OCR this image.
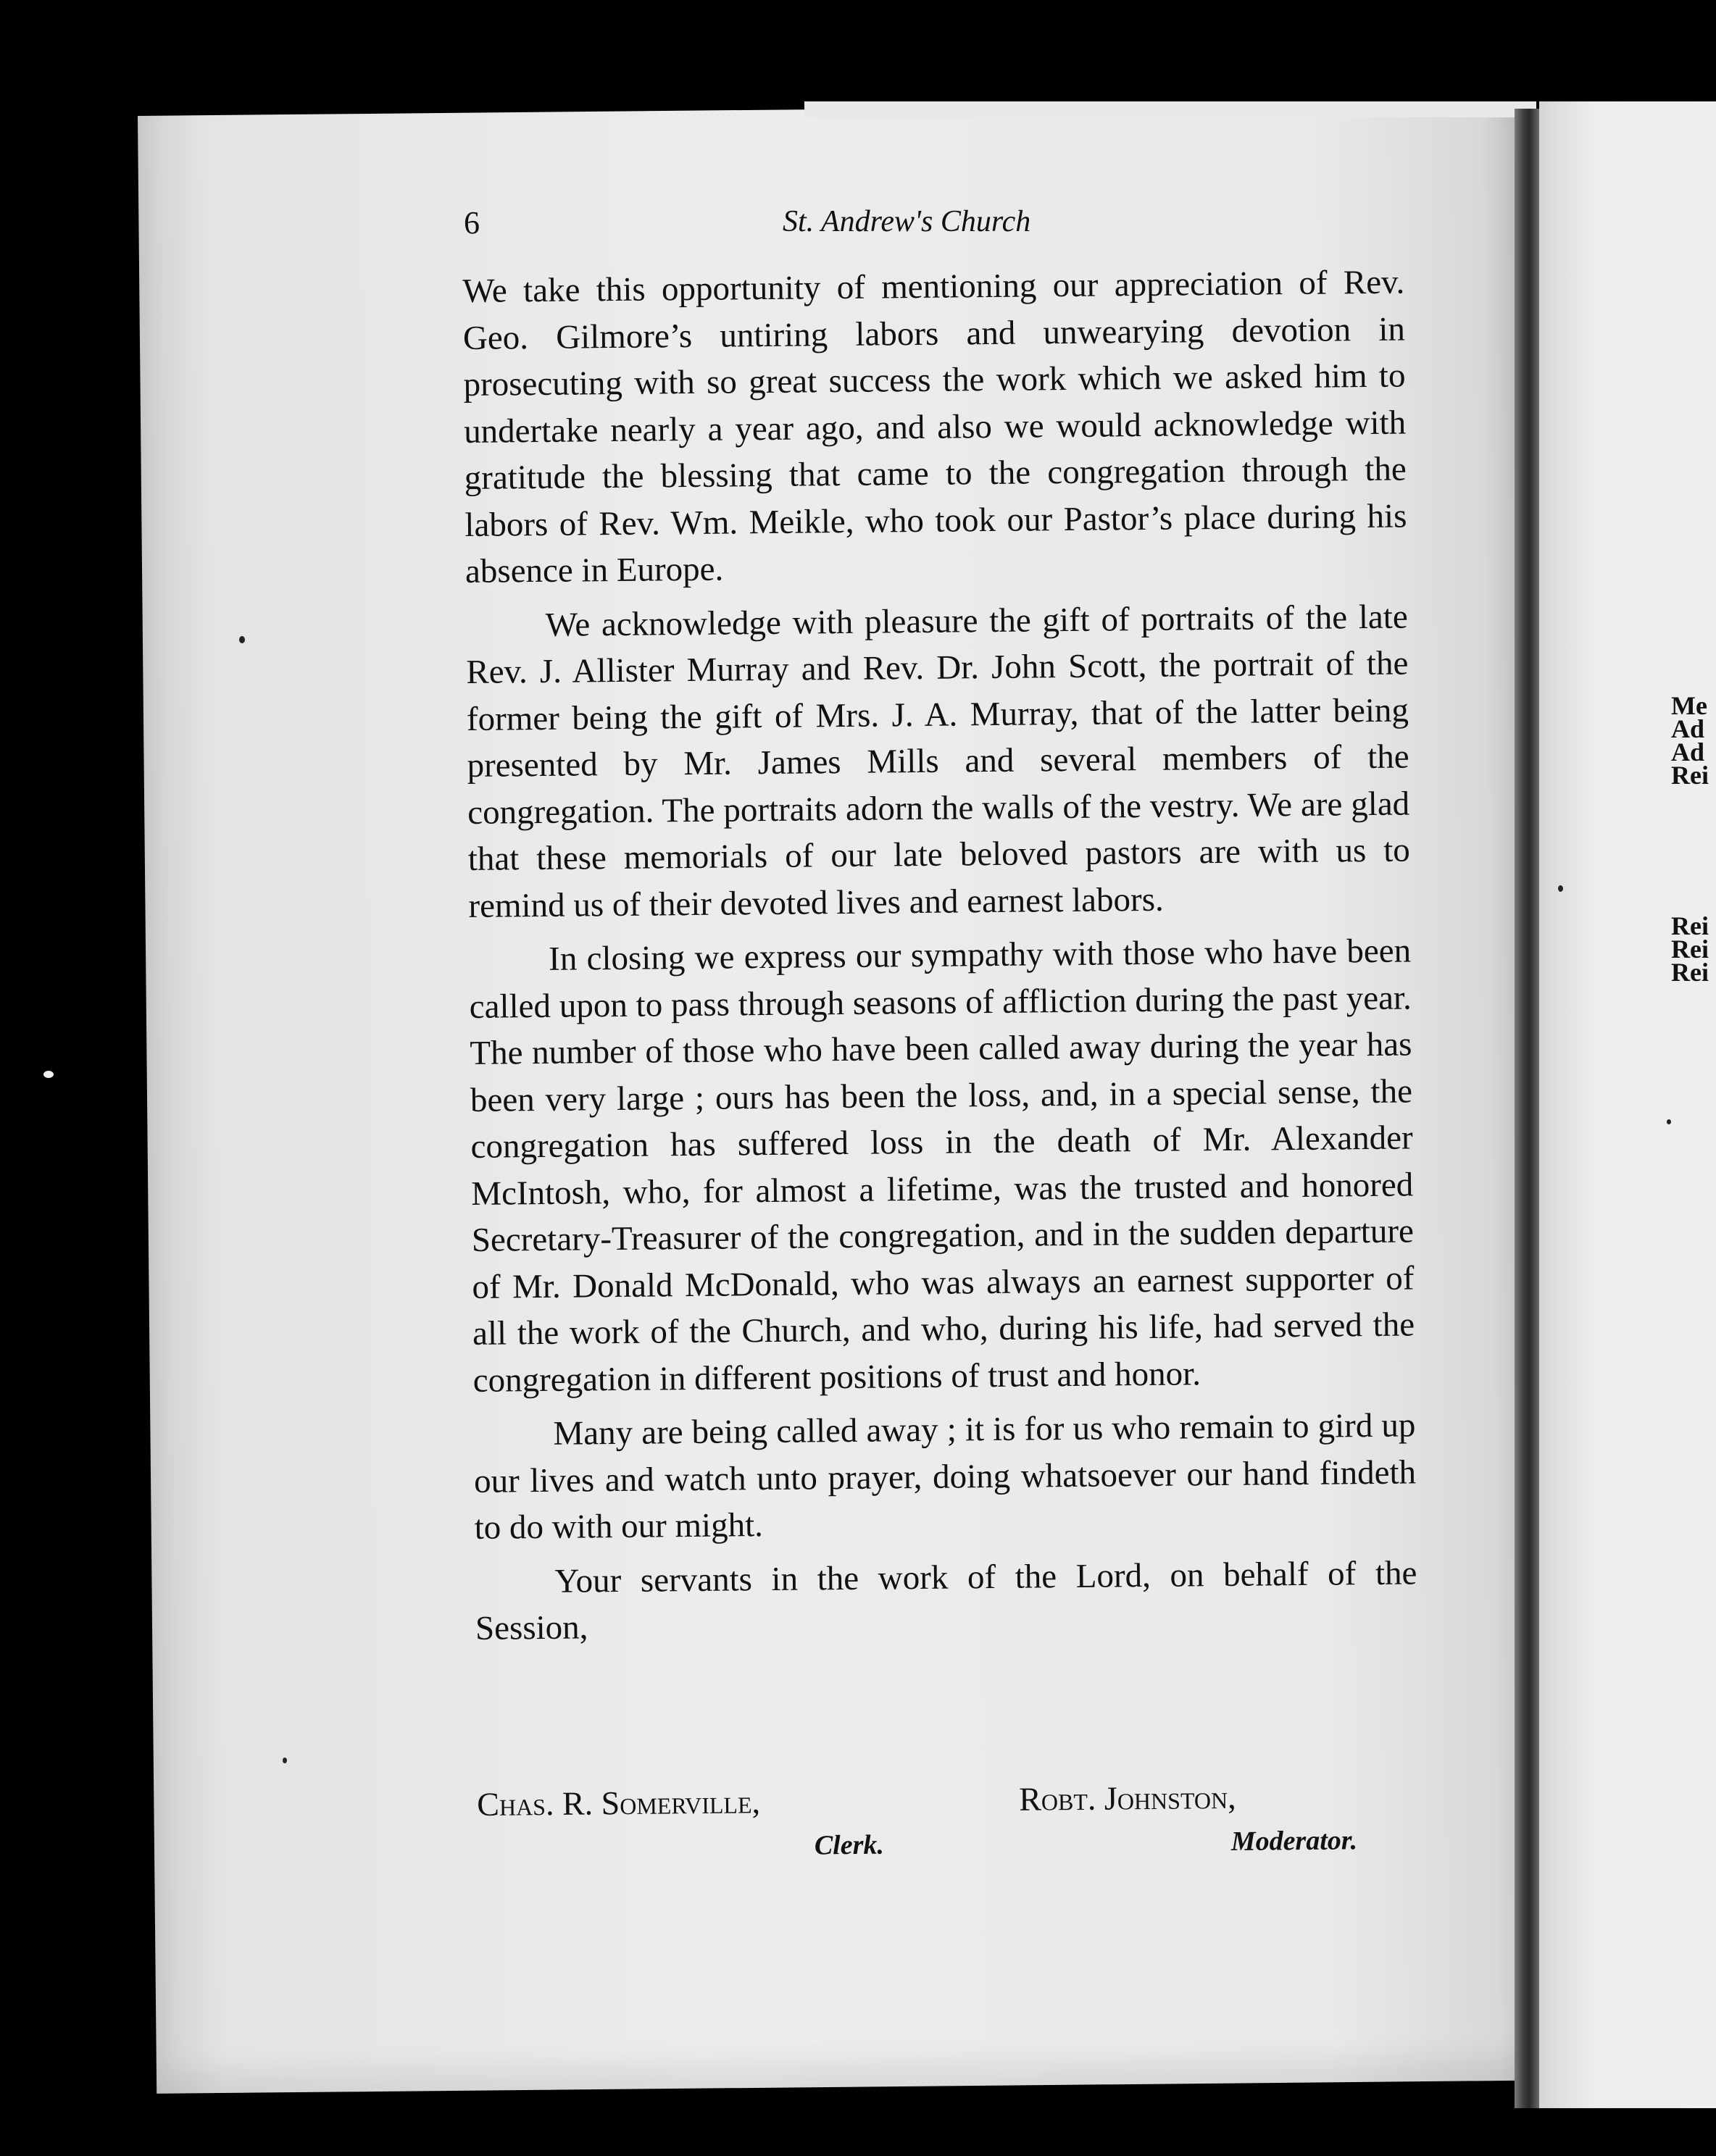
6	St. Andrew's Church

We take this opportunity of mentioning our appreciation of Rev. Geo. Gilmore’s untiring labors and unwearying devotion in prosecuting with so great success the work which we asked him to undertake nearly a year ago, and also we would acknowledge with gratitude the blessing that came to the congregation through the labors of Rev. Wm. Meikle, who took our Pastor’s place during his absence in Europe.

We acknowledge with pleasure the gift of portraits of the late Rev. J. Allister Murray and Rev. Dr. John Scott, the portrait of the former being the gift of Mrs. J. A. Murray, that of the latter being presented by Mr. James Mills and several members of the congregation. The portraits adorn the walls of the vestry. We are glad that these memorials of our late beloved pastors are with us to remind us of their devoted lives and earnest labors.

In closing we express our sympathy with those who have been called upon to pass through seasons of affliction during the past year. The number of those who have been called away during the year has been very large ; ours has been the loss, and, in a special sense, the congregation has suffered loss in the death of Mr. Alexander McIntosh, who, for almost a lifetime, was the trusted and honored Secretary-Treasurer of the congregation, and in the sudden departure of Mr. Donald McDonald, who was always an earnest supporter of all the work of the Church, and who, during his life, had served the congregation in different positions of trust and honor.

Many are being called away ; it is for us who remain to gird up our lives and watch unto prayer, doing whatsoever our hand findeth to do with our might.

Your servants in the work of the Lord, on behalf of the Session,

Chas. R. Somerville,	Robt. Johnston,
Clerk.	Moderator.
Me
Ad
Ad
Rei
Rei
Rei
Rei
